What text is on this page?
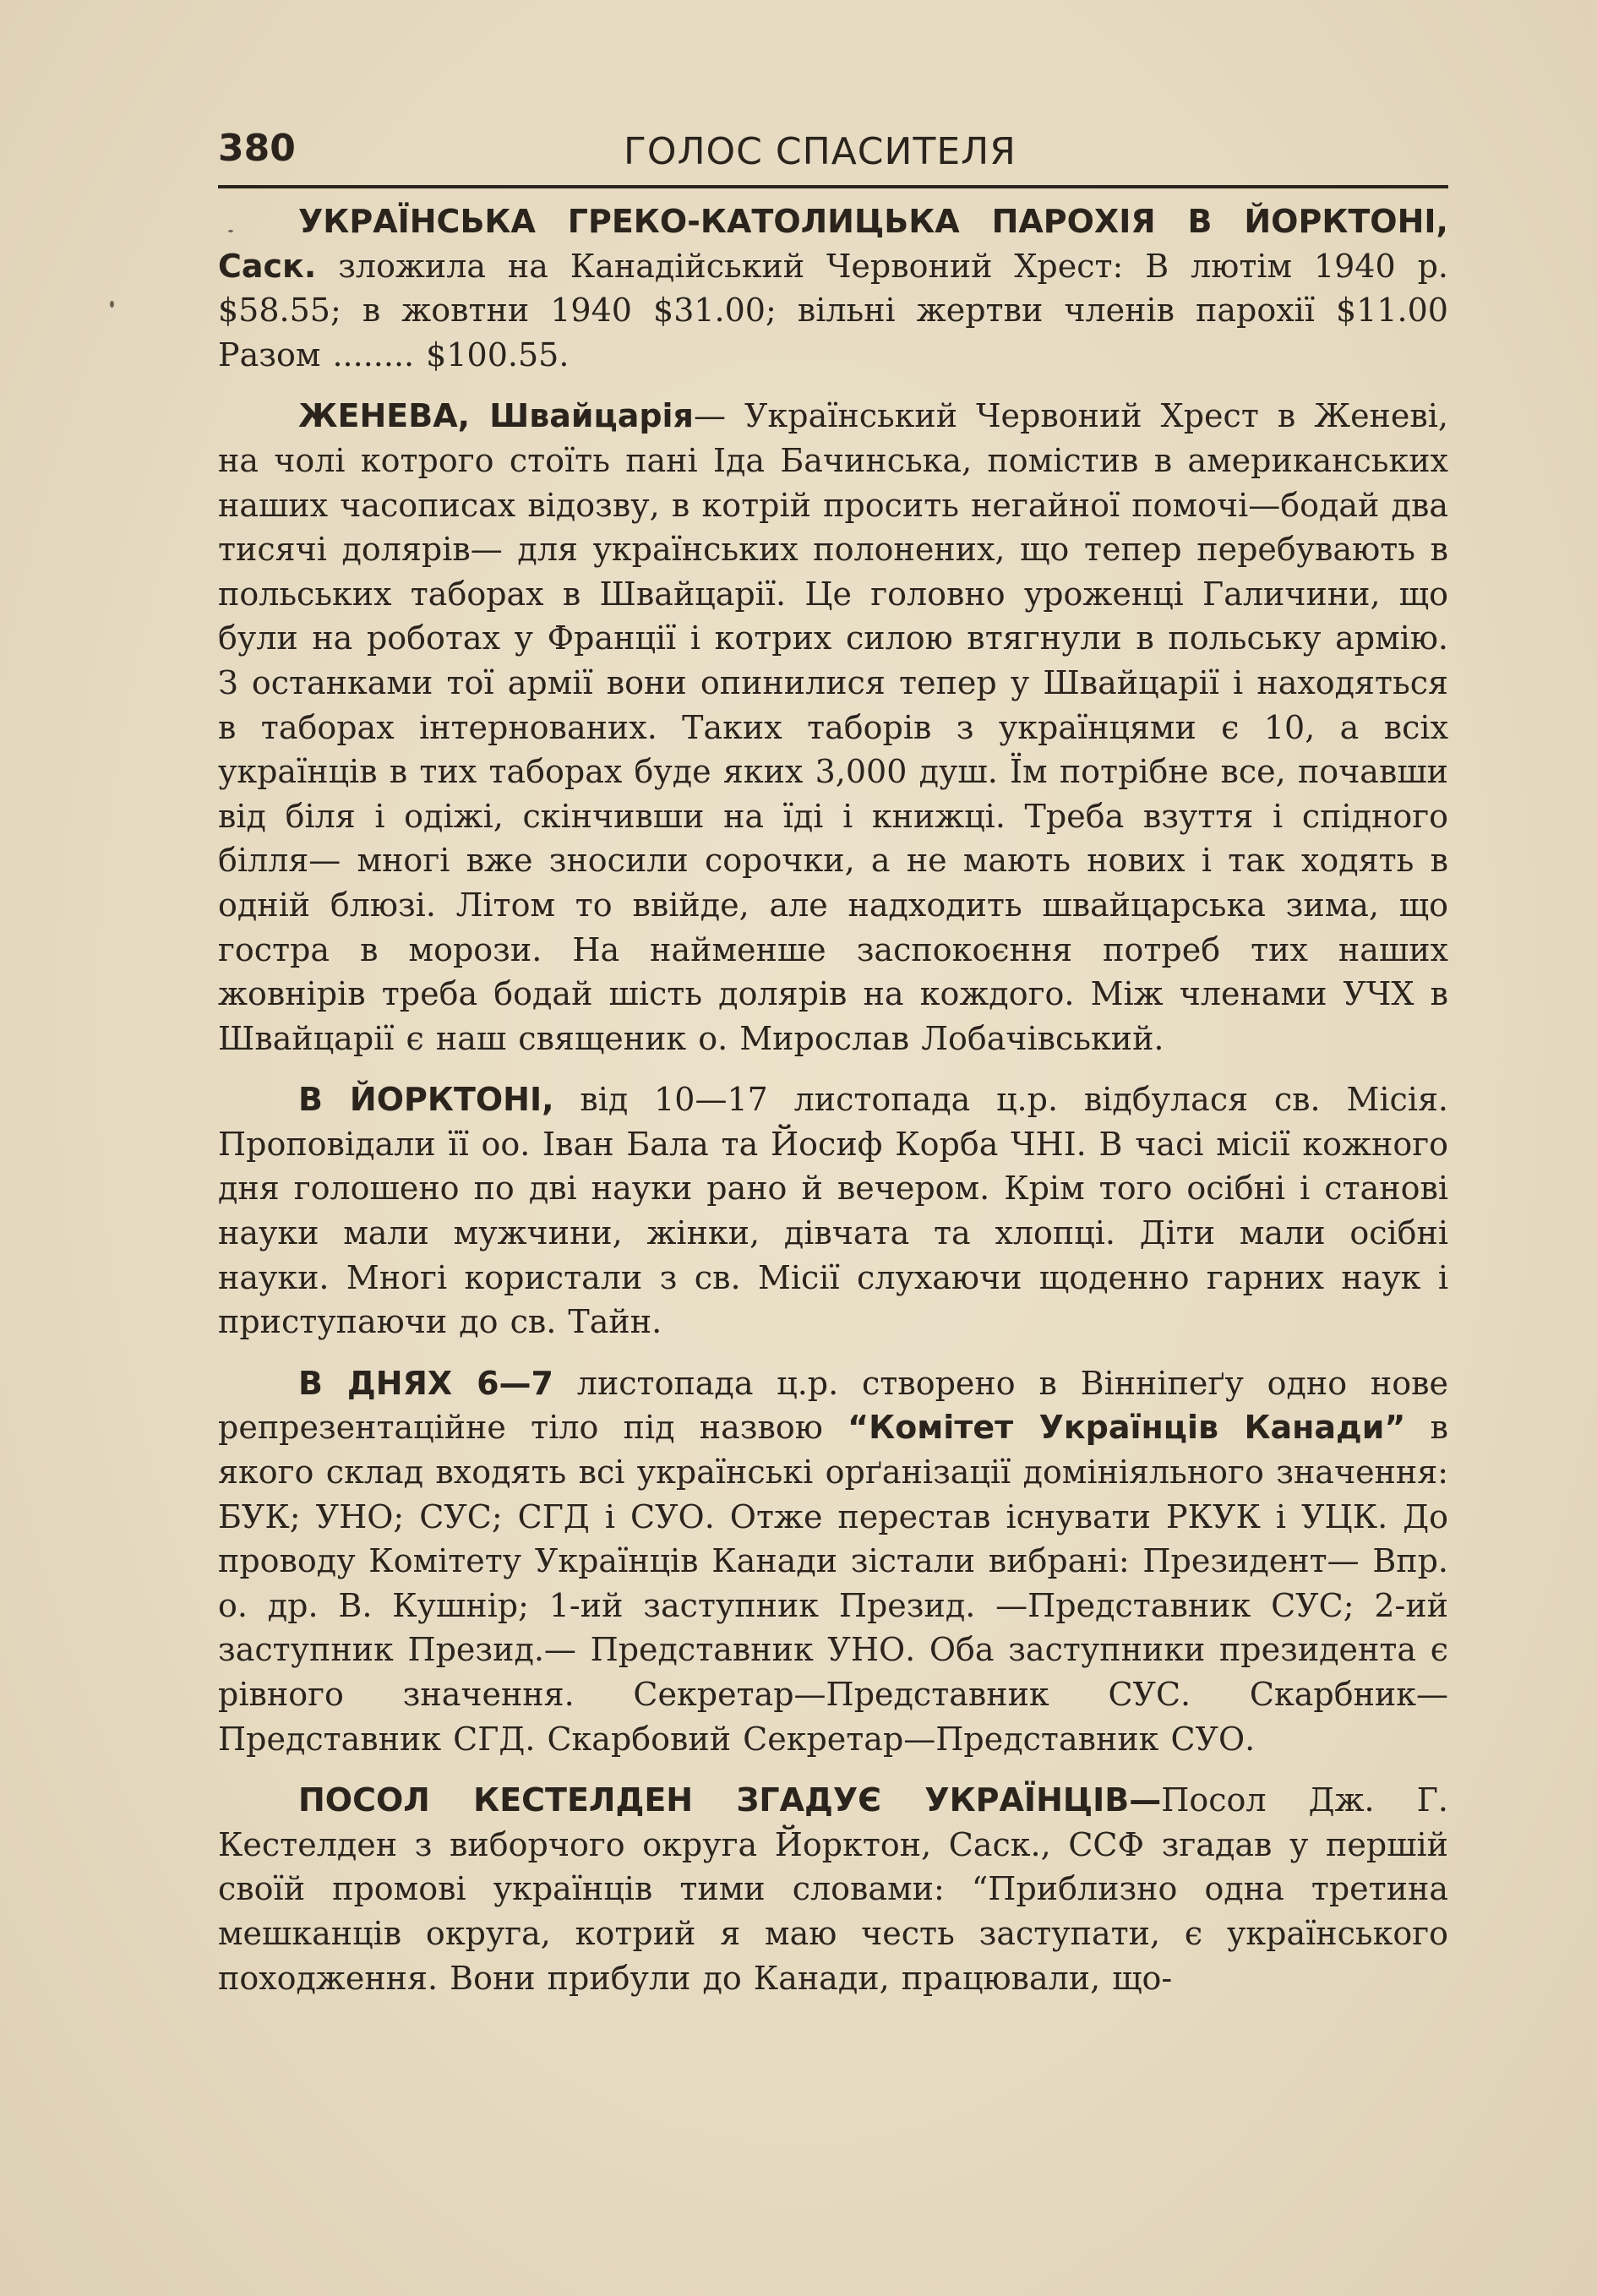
380	ГОЛОС СПАСИТЕЛЯ

УКРАЇНСЬКА ГРЕКО-КАТОЛИЦЬКА ПАРОХІЯ В ЙОРКТОНІ, Саск. зложила на Канадійський Червоний Хрест: В лютім 1940 р. $58.55; в жовтни 1940 $31.00; вільні жертви членів парохії $11.00 Разом ........ $100.55.

ЖЕНЕВА, Швайцарія— Український Червоний Хрест в Женеві, на чолі котрого стоїть пані Іда Бачинська, помістив в американських наших часописах відозву, в котрій просить негайної помочі—бодай два тисячі долярів— для українських полонених, що тепер перебувають в польських таборах в Швайцарії. Це головно уроженці Галичини, що були на роботах у Франції і котрих силою втягнули в польську армію. З останками тої армії вони опинилися тепер у Швайцарії і находяться в таборах інтернованих. Таких таборів з українцями є 10, а всіх українців в тих таборах буде яких 3,000 душ. Їм потрібне все, почавши від біля і одіжі, скінчивши на їді і книжці. Треба взуття і спідного білля— многі вже зносили сорочки, а не мають нових і так ходять в одній блюзі. Літом то ввійде, але надходить швайцарська зима, що гостра в морози. На найменше заспокоєння потреб тих наших жовнірів треба бодай шість долярів на кождого. Між членами УЧХ в Швайцарії є наш священик о. Мирослав Лобачівський.

В ЙОРКТОНІ, від 10—17 листопада ц.р. відбулася св. Місія. Проповідали її оо. Іван Бала та Йосиф Корба ЧНІ. В часі місії кожного дня голошено по дві науки рано й вечером. Крім того осібні і станові науки мали мужчини, жінки, дівчата та хлопці. Діти мали осібні науки. Многі користали з св. Місії слухаючи щоденно гарних наук і приступаючи до св. Тайн.

В ДНЯХ 6—7 листопада ц.р. створено в Вінніпеґу одно нове репрезентаційне тіло під назвою “Комітет Українців Канади” в якого склад входять всі українські орґанізації домініяльного значення: БУК; УНО; СУС; СГД і СУО. Отже перестав існувати РКУК і УЦК. До проводу Комітету Українців Канади зістали вибрані: Президент— Впр. о. др. В. Кушнір; 1-ий заступник Презид. —Представник СУС; 2-ий заступник Презид.— Представник УНО. Оба заступники президента є рівного значення. Секретар—Представник СУС. Скарбник—Представник СГД. Скарбовий Секретар—Представник СУО.

ПОСОЛ КЕСТЕЛДЕН ЗГАДУЄ УКРАЇНЦІВ—Посол Дж. Г. Кестелден з виборчого округа Йорктон, Саск., ССФ згадав у першій своїй промові українців тими словами: “Приблизно одна третина мешканців округа, котрий я маю честь заступати, є українського походження. Вони прибули до Канади, працювали, що-
